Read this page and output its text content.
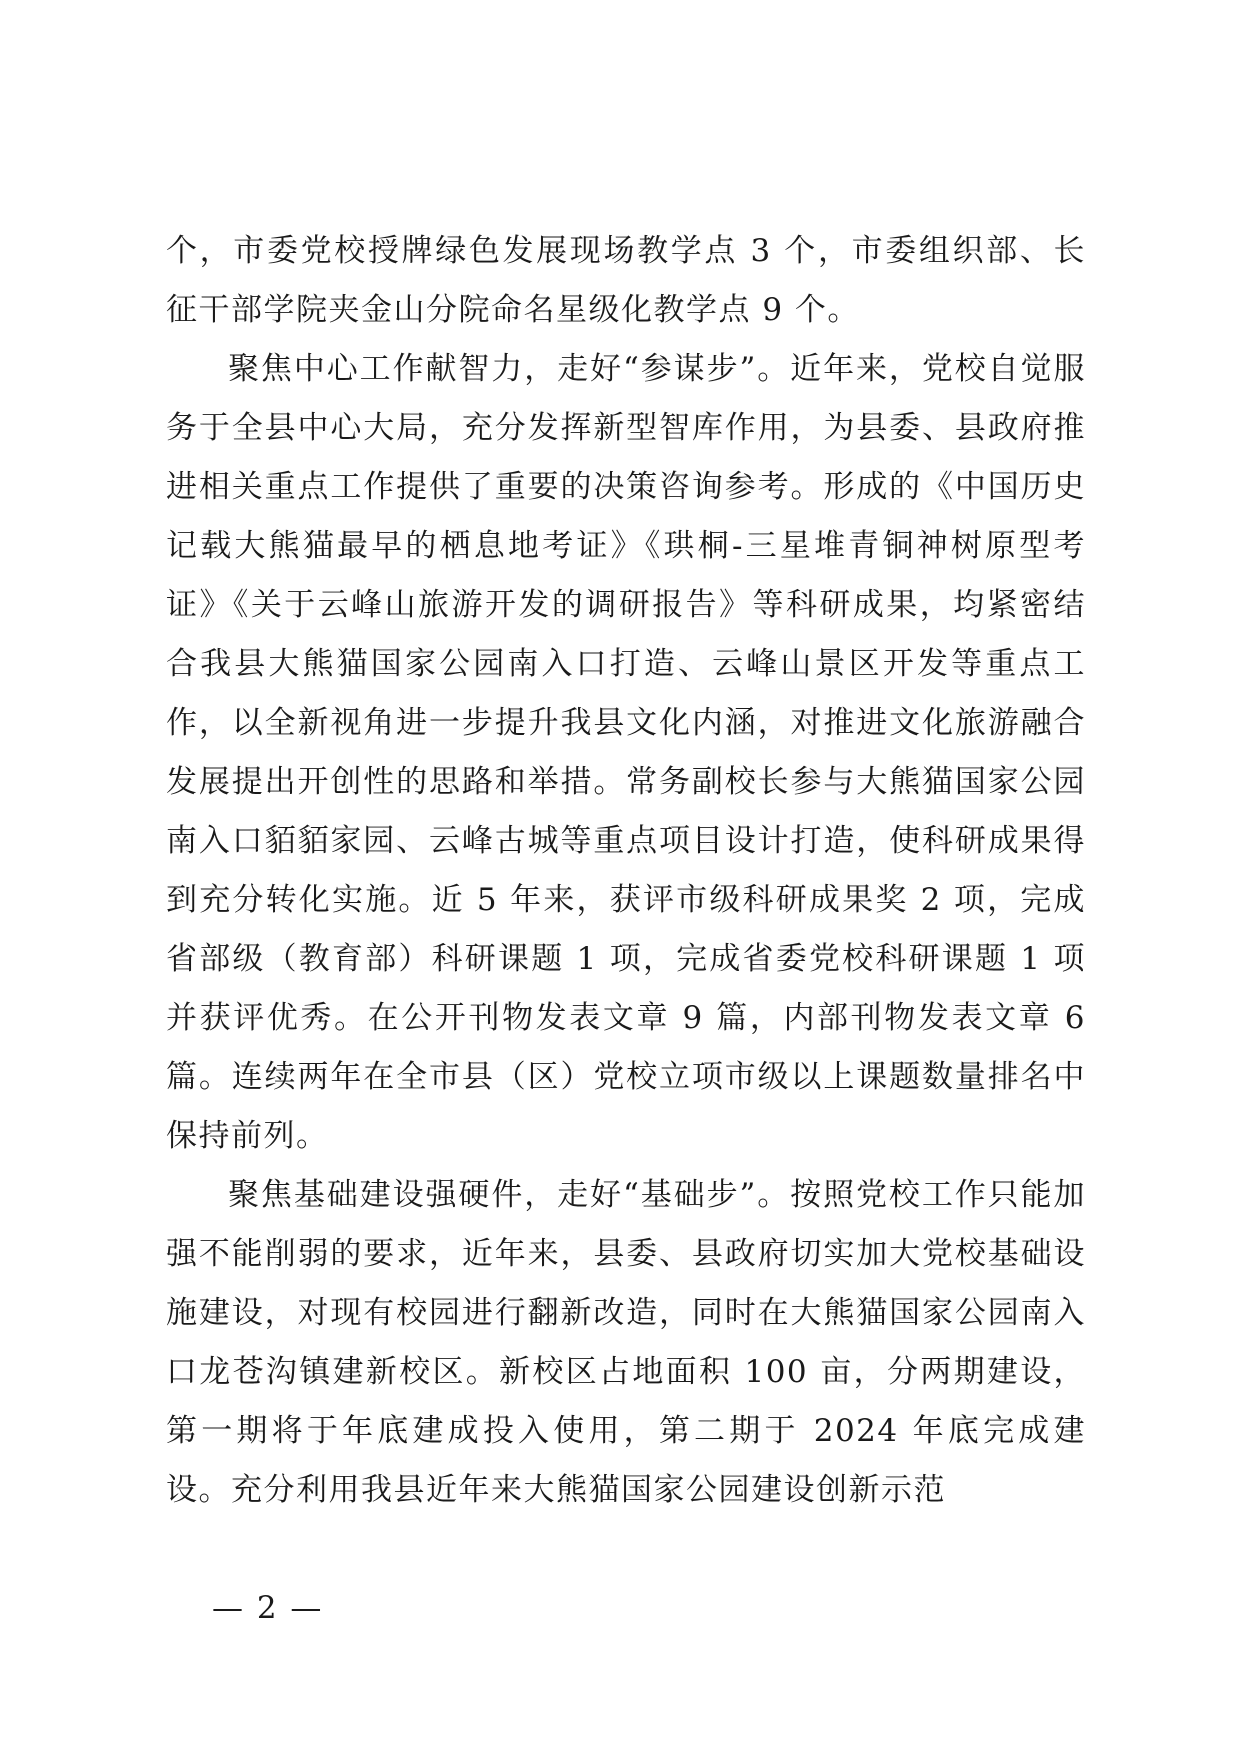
个，市委党校授牌绿色发展现场教学点 3 个，市委组织部、长征干部学院夹金山分院命名星级化教学点 9 个。

聚焦中心工作献智力，走好“参谋步”。近年来，党校自觉服务于全县中心大局，充分发挥新型智库作用，为县委、县政府推进相关重点工作提供了重要的决策咨询参考。形成的《中国历史记载大熊猫最早的栖息地考证》《珙桐-三星堆青铜神树原型考证》《关于云峰山旅游开发的调研报告》等科研成果，均紧密结合我县大熊猫国家公园南入口打造、云峰山景区开发等重点工作，以全新视角进一步提升我县文化内涵，对推进文化旅游融合发展提出开创性的思路和举措。常务副校长参与大熊猫国家公园南入口貊貊家园、云峰古城等重点项目设计打造，使科研成果得到充分转化实施。近 5 年来，获评市级科研成果奖 2 项，完成省部级（教育部）科研课题 1 项，完成省委党校科研课题 1 项并获评优秀。在公开刊物发表文章 9 篇，内部刊物发表文章 6 篇。连续两年在全市县（区）党校立项市级以上课题数量排名中保持前列。

聚焦基础建设强硬件，走好“基础步”。按照党校工作只能加强不能削弱的要求，近年来，县委、县政府切实加大党校基础设施建设，对现有校园进行翻新改造，同时在大熊猫国家公园南入口龙苍沟镇建新校区。新校区占地面积 100 亩，分两期建设，第一期将于年底建成投入使用，第二期于 2024 年底完成建设。充分利用我县近年来大熊猫国家公园建设创新示范

— 2 —
